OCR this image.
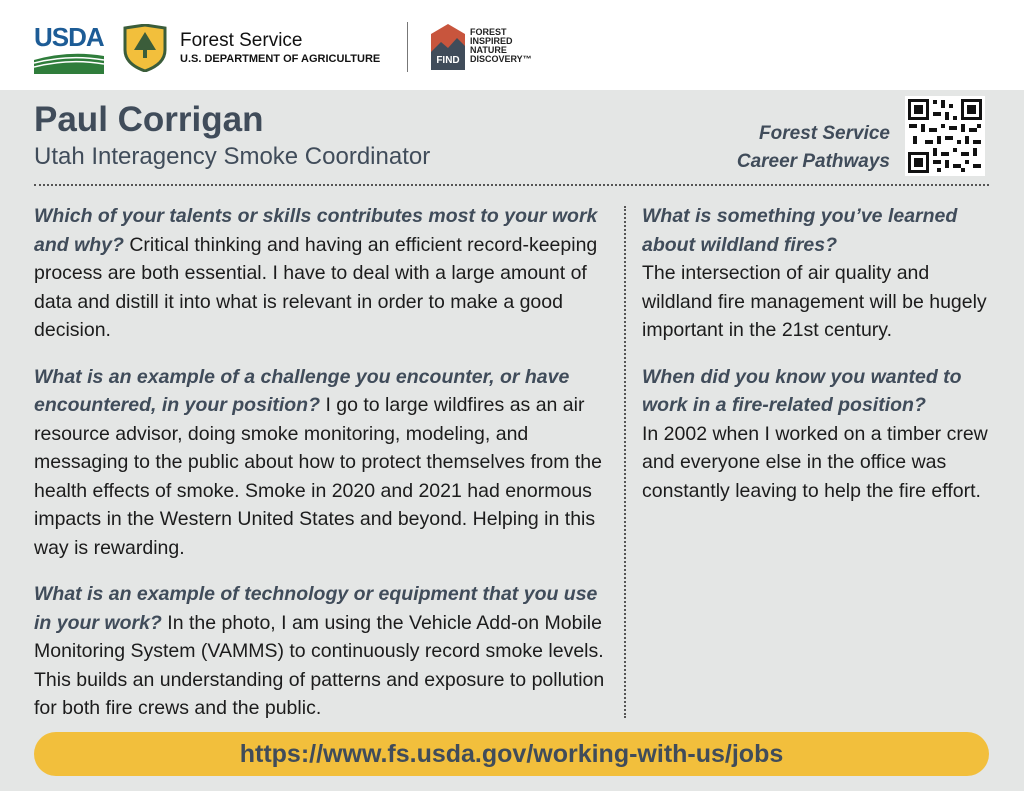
USDA	Forest Service
U.S. DEPARTMENT OF AGRICULTURE	FIND
FOREST
INSPIRED
NATURE
DISCOVERY™
Paul Corrigan
Utah Interagency Smoke Coordinator
Forest Service
Career Pathways

Which of your talents or skills contributes most to your work and why? Critical thinking and having an efficient record-keeping process are both essential. I have to deal with a large amount of data and distill it into what is relevant in order to make a good decision.

What is an example of a challenge you encounter, or have encountered, in your position? I go to large wildfires as an air resource advisor, doing smoke monitoring, modeling, and messaging to the public about how to protect themselves from the health effects of smoke. Smoke in 2020 and 2021 had enormous impacts in the Western United States and beyond. Helping in this way is rewarding.

What is an example of technology or equipment that you use in your work? In the photo, I am using the Vehicle Add-on Mobile Monitoring System (VAMMS) to continuously record smoke levels. This builds an understanding of patterns and exposure to pollution for both fire crews and the public.

What is something you’ve learned about wildland fires?
The intersection of air quality and wildland fire management will be hugely important in the 21st century.

When did you know you wanted to work in a fire-related position?
In 2002 when I worked on a timber crew and everyone else in the office was constantly leaving to help the fire effort.

https://www.fs.usda.gov/working-with-us/jobs
